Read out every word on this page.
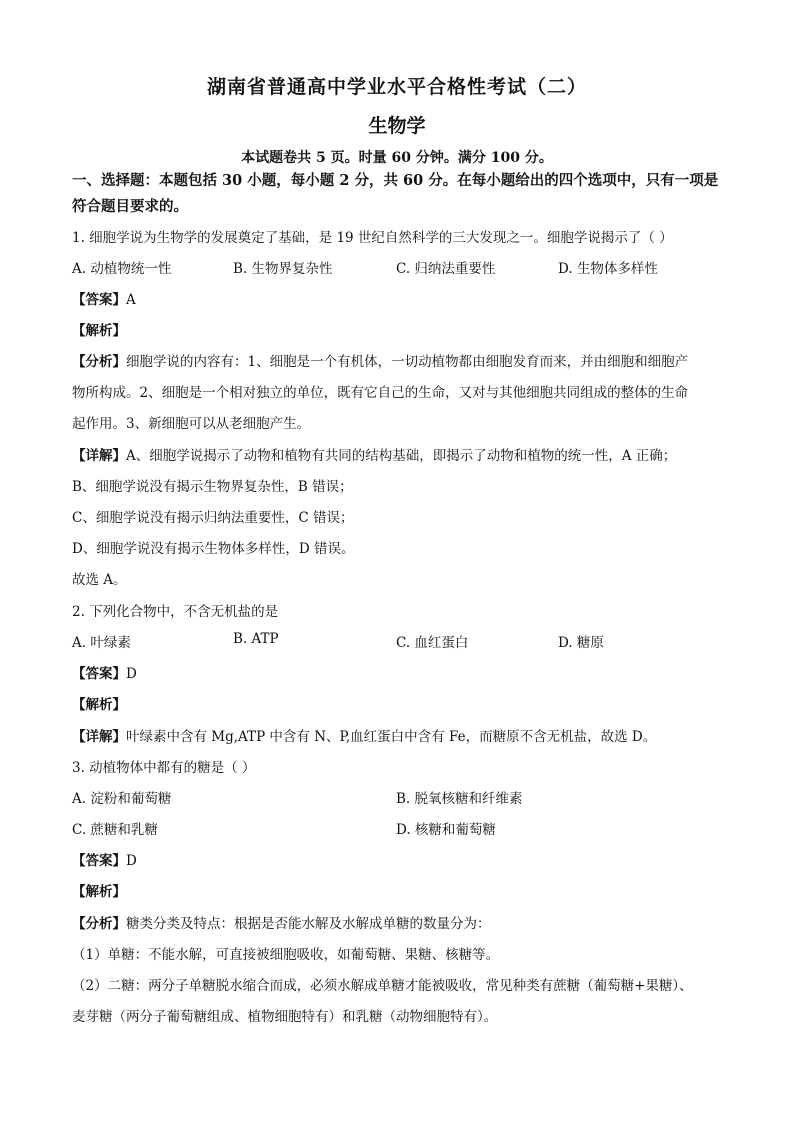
湖南省普通高中学业水平合格性考试（二）
生物学
本试题卷共 5 页。时量 60 分钟。满分 100 分。
一、选择题：本题包括 30 小题，每小题 2 分，共 60 分。在每小题给出的四个选项中，只有一项是符合题目要求的。
1. 细胞学说为生物学的发展奠定了基础，是 19 世纪自然科学的三大发现之一。细胞学说揭示了（ ）
A. 动植物统一性	B. 生物界复杂性	C. 归纳法重要性	D. 生物体多样性
【答案】A
【解析】
【分析】细胞学说的内容有：1、细胞是一个有机体，一切动植物都由细胞发育而来，并由细胞和细胞产
物所构成。2、细胞是一个相对独立的单位，既有它自己的生命，又对与其他细胞共同组成的整体的生命
起作用。3、新细胞可以从老细胞产生。
【详解】A、细胞学说揭示了动物和植物有共同的结构基础，即揭示了动物和植物的统一性，A 正确；
B、细胞学说没有揭示生物界复杂性，B 错误；
C、细胞学说没有揭示归纳法重要性，C 错误；
D、细胞学说没有揭示生物体多样性，D 错误。
故选 A。
2. 下列化合物中，不含无机盐的是
A. 叶绿素	B. ATP	C. 血红蛋白	D. 糖原
【答案】D
【解析】
【详解】叶绿素中含有 Mg,ATP 中含有 N、P,血红蛋白中含有 Fe，而糖原不含无机盐，故选 D。
3. 动植物体中都有的糖是（ ）
A. 淀粉和葡萄糖	B. 脱氧核糖和纤维素
C. 蔗糖和乳糖	D. 核糖和葡萄糖
【答案】D
【解析】
【分析】糖类分类及特点：根据是否能水解及水解成单糖的数量分为：
（1）单糖：不能水解，可直接被细胞吸收，如葡萄糖、果糖、核糖等。
（2）二糖：两分子单糖脱水缩合而成，必须水解成单糖才能被吸收，常见种类有蔗糖（葡萄糖+果糖）、
麦芽糖（两分子葡萄糖组成、植物细胞特有）和乳糖（动物细胞特有）。
